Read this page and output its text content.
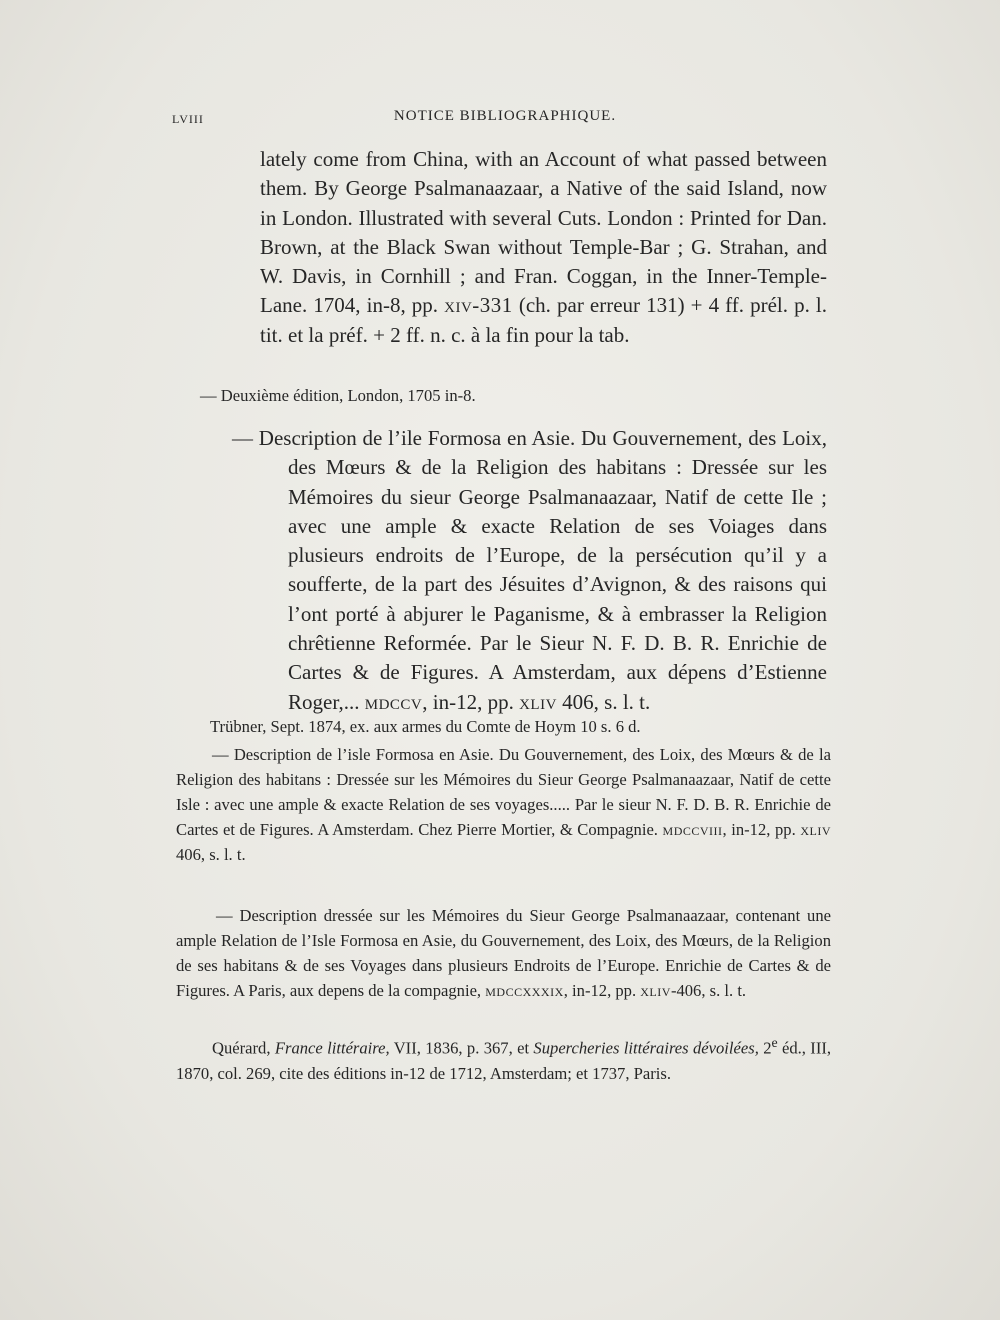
LVIII	NOTICE BIBLIOGRAPHIQUE.
lately come from China, with an Account of what passed between them. By George Psalmanaazaar, a Native of the said Island, now in London. Illustrated with several Cuts. London : Printed for Dan. Brown, at the Black Swan without Temple-Bar ; G. Strahan, and W. Davis, in Cornhill ; and Fran. Coggan, in the Inner-Temple-Lane. 1704, in-8, pp. xiv-331 (ch. par erreur 131) + 4 ff. prél. p. l. tit. et la préf. + 2 ff. n. c. à la fin pour la tab.
— Deuxième édition, London, 1705 in-8.
— Description de l’ile Formosa en Asie. Du Gouvernement, des Loix, des Mœurs & de la Religion des habitans : Dressée sur les Mémoires du sieur George Psalmanaazaar, Natif de cette Ile ; avec une ample & exacte Relation de ses Voiages dans plusieurs endroits de l’Europe, de la persécution qu’il y a soufferte, de la part des Jésuites d’Avignon, & des raisons qui l’ont porté à abjurer le Paganisme, & à embrasser la Religion chrêtienne Reformée. Par le Sieur N. F. D. B. R. Enrichie de Cartes & de Figures. A Amsterdam, aux dépens d’Estienne Roger,... mdccv, in-12, pp. xliv 406, s. l. t.
Trübner, Sept. 1874, ex. aux armes du Comte de Hoym 10 s. 6 d.
— Description de l’isle Formosa en Asie. Du Gouvernement, des Loix, des Mœurs & de la Religion des habitans : Dressée sur les Mémoires du Sieur George Psalmanaazaar, Natif de cette Isle : avec une ample & exacte Relation de ses voyages..... Par le sieur N. F. D. B. R. Enrichie de Cartes et de Figures. A Amsterdam. Chez Pierre Mortier, & Compagnie. mdccviii, in-12, pp. xliv 406, s. l. t.
— Description dressée sur les Mémoires du Sieur George Psalmanaazaar, contenant une ample Relation de l’Isle Formosa en Asie, du Gouvernement, des Loix, des Mœurs, de la Religion de ses habitans & de ses Voyages dans plusieurs Endroits de l’Europe. Enrichie de Cartes & de Figures. A Paris, aux depens de la compagnie, mdccxxxix, in-12, pp. xliv-406, s. l. t.
Quérard, France littéraire, VII, 1836, p. 367, et Supercheries littéraires dévoilées, 2e éd., III, 1870, col. 269, cite des éditions in-12 de 1712, Amsterdam; et 1737, Paris.
